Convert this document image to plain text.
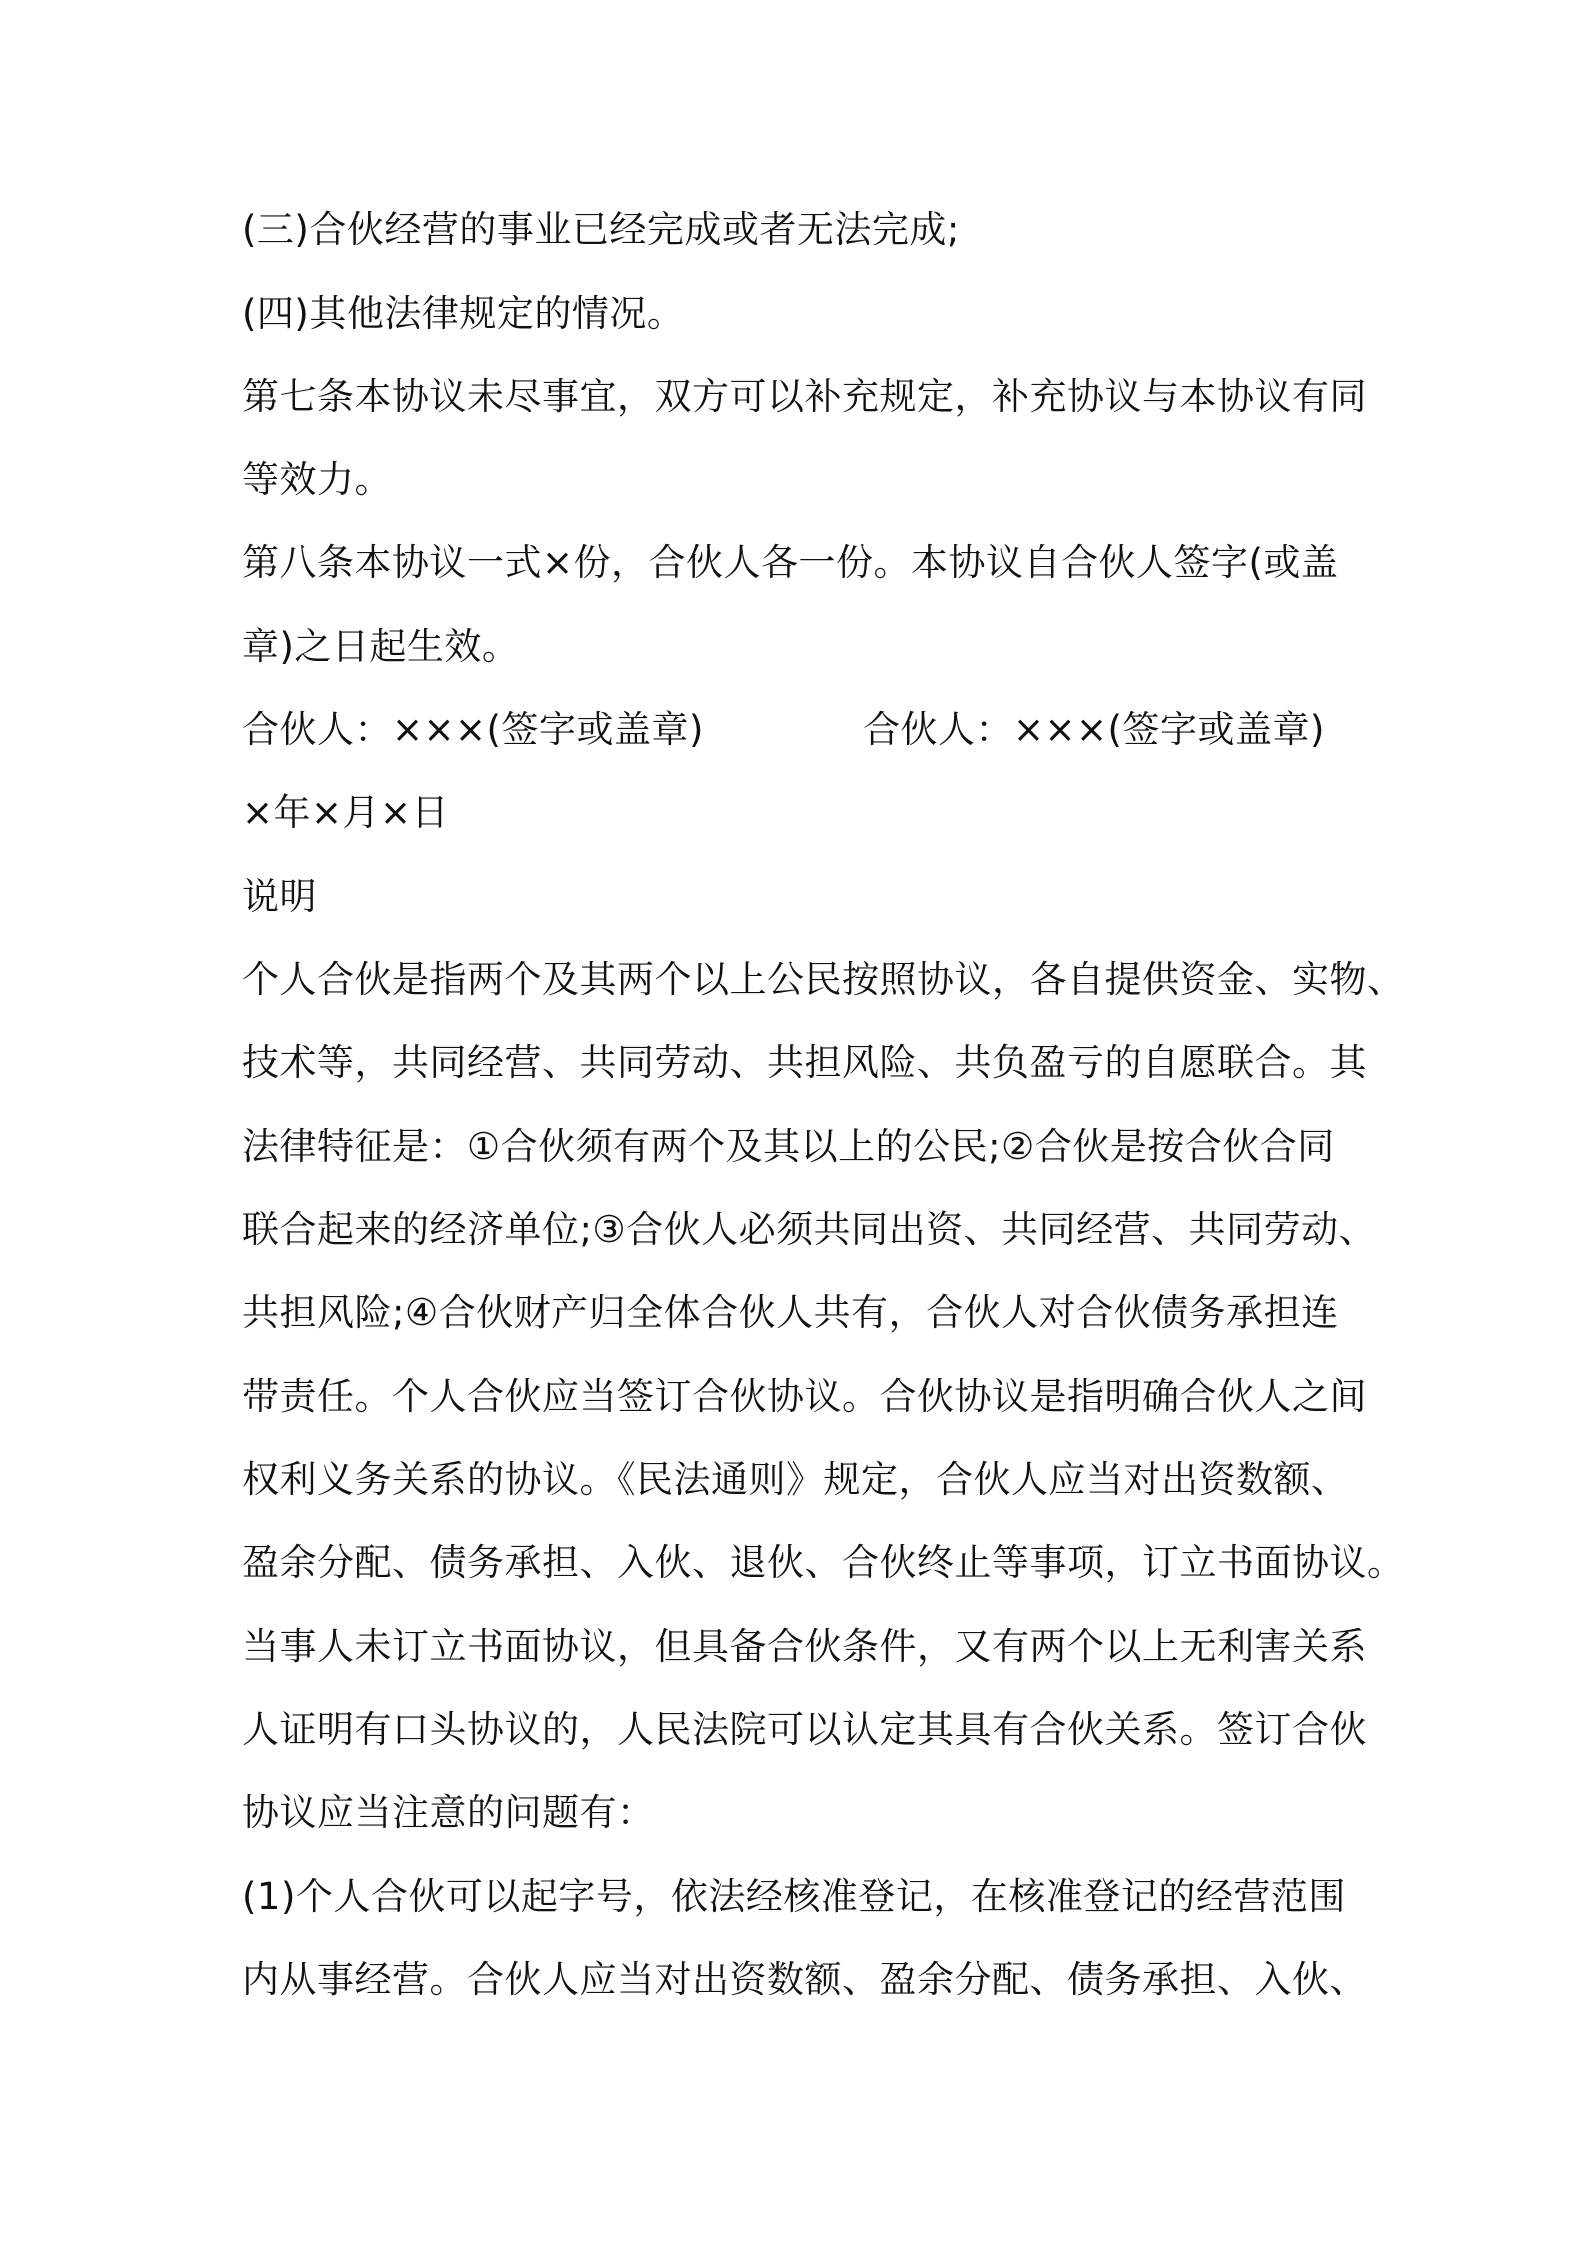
(三)合伙经营的事业已经完成或者无法完成;
(四)其他法律规定的情况。
第七条本协议未尽事宜，双方可以补充规定，补充协议与本协议有同
等效力。
第八条本协议一式×份，合伙人各一份。本协议自合伙人签字(或盖
章)之日起生效。
合伙人：×××(签字或盖章)	合伙人：×××(签字或盖章)
×年×月×日
说明
个人合伙是指两个及其两个以上公民按照协议，各自提供资金、实物、
技术等，共同经营、共同劳动、共担风险、共负盈亏的自愿联合。其
法律特征是：①合伙须有两个及其以上的公民;②合伙是按合伙合同
联合起来的经济单位;③合伙人必须共同出资、共同经营、共同劳动、
共担风险;④合伙财产归全体合伙人共有，合伙人对合伙债务承担连
带责任。个人合伙应当签订合伙协议。合伙协议是指明确合伙人之间
权利义务关系的协议。《民法通则》规定，合伙人应当对出资数额、
盈余分配、债务承担、入伙、退伙、合伙终止等事项，订立书面协议。
当事人未订立书面协议，但具备合伙条件，又有两个以上无利害关系
人证明有口头协议的，人民法院可以认定其具有合伙关系。签订合伙
协议应当注意的问题有：
(1)个人合伙可以起字号，依法经核准登记，在核准登记的经营范围
内从事经营。合伙人应当对出资数额、盈余分配、债务承担、入伙、
